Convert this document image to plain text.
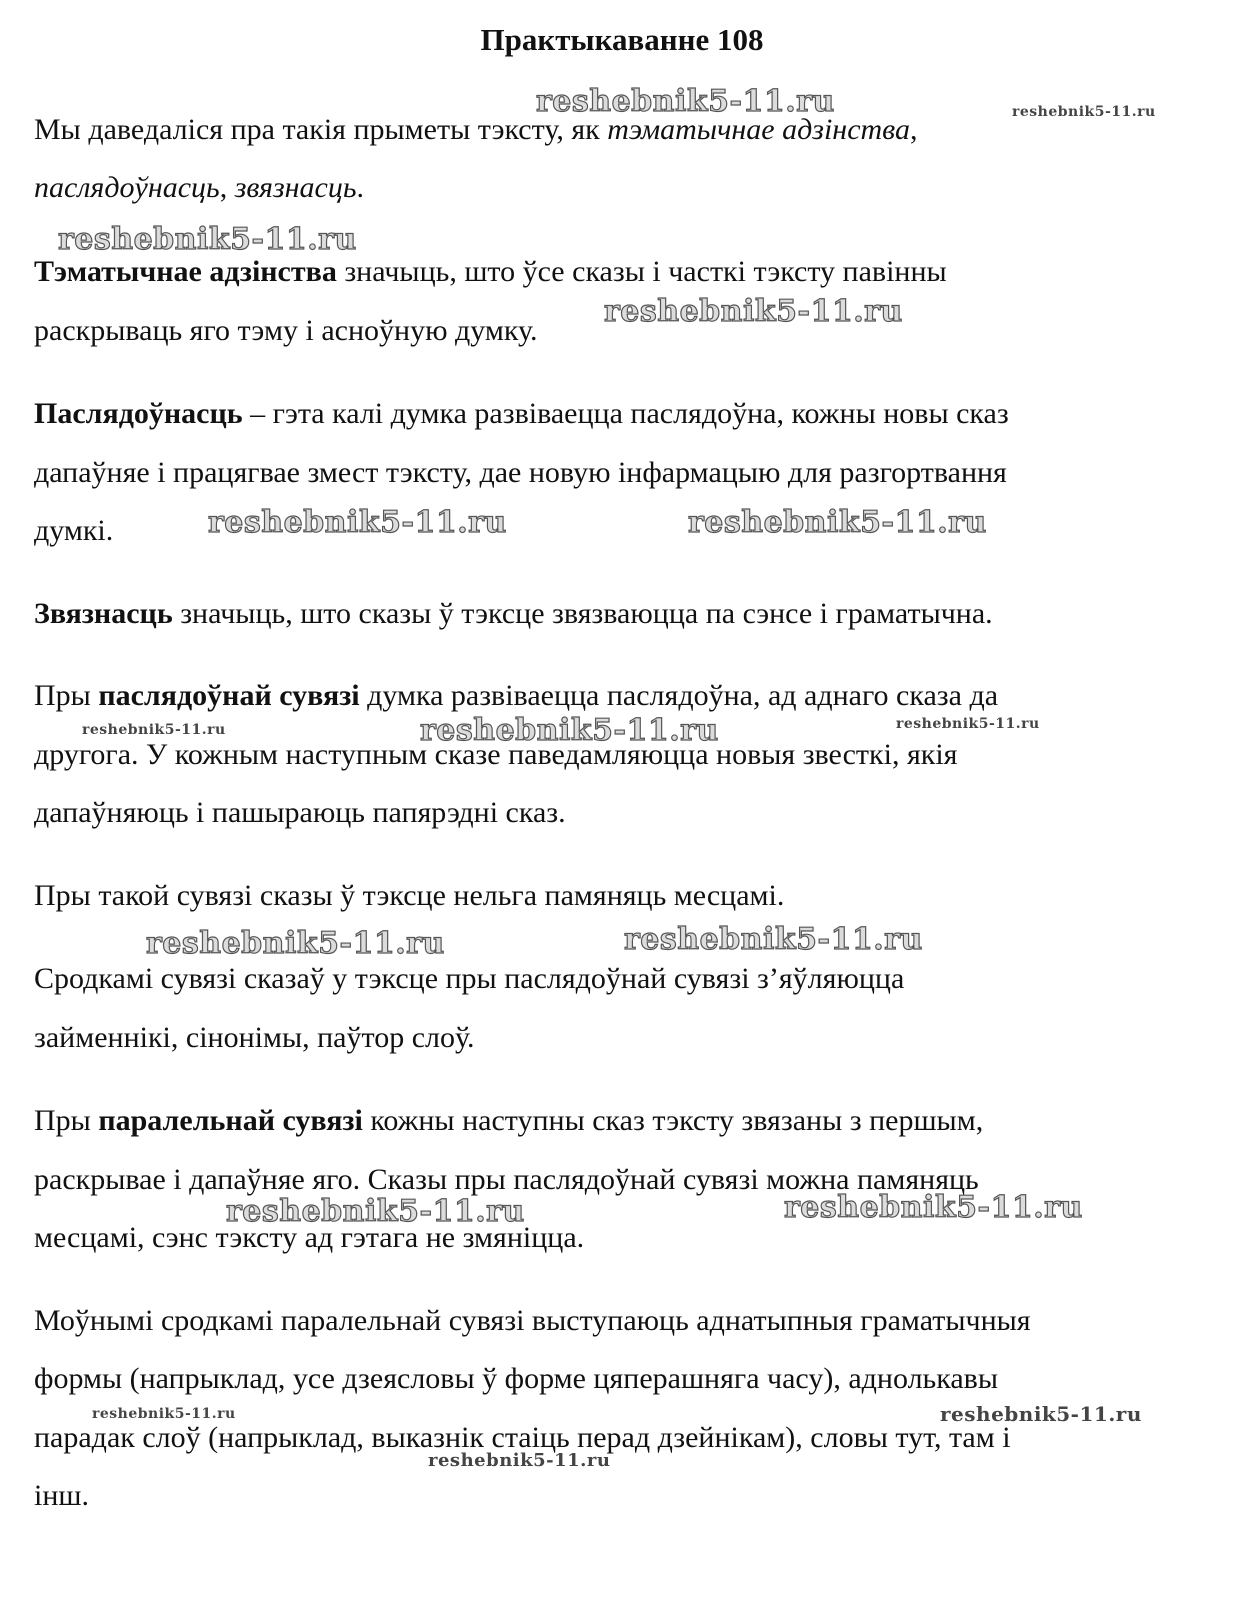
Практыкаванне 108
Мы даведаліся пра такія прыметы тэксту, як тэматычнае адзінства,
паслядоўнасць, звязнасць.
Тэматычнае адзінства значыць, што ўсе сказы і часткі тэксту павінны
раскрываць яго тэму і асноўную думку.
Паслядоўнасць – гэта калі думка развіваецца паслядоўна, кожны новы сказ
дапаўняе і працягвае змест тэксту, дае новую інфармацыю для разгортвання
думкі.
Звязнасць значыць, што сказы ў тэксце звязваюцца па сэнсе і граматычна.
Пры паслядоўнай сувязі думка развіваецца паслядоўна, ад аднаго сказа да
другога. У кожным наступным сказе паведамляюцца новыя звесткі, якія
дапаўняюць і пашыраюць папярэдні сказ.
Пры такой сувязі сказы ў тэксце нельга памяняць месцамі.
Сродкамі сувязі сказаў у тэксце пры паслядоўнай сувязі з’яўляюцца
займеннікі, сінонімы, паўтор слоў.
Пры паралельнай сувязі кожны наступны сказ тэксту звязаны з першым,
раскрывае і дапаўняе яго. Сказы пры паслядоўнай сувязі можна памяняць
месцамі, сэнс тэксту ад гэтага не змяніцца.
Моўнымі сродкамі паралельнай сувязі выступаюць аднатыпныя граматычныя
формы (напрыклад, усе дзеясловы ў форме цяперашняга часу), аднолькавы
парадак слоў (напрыклад, выказнік стаіць перад дзейнікам), словы тут, там і
інш.
reshebnik5-11.ru	reshebnik5-11.ru
reshebnik5-11.ru
reshebnik5-11.ru
reshebnik5-11.ru	reshebnik5-11.ru
reshebnik5-11.ru	reshebnik5-11.ru	reshebnik5-11.ru
reshebnik5-11.ru	reshebnik5-11.ru
reshebnik5-11.ru	reshebnik5-11.ru
reshebnik5-11.ru	reshebnik5-11.ru
reshebnik5-11.ru
